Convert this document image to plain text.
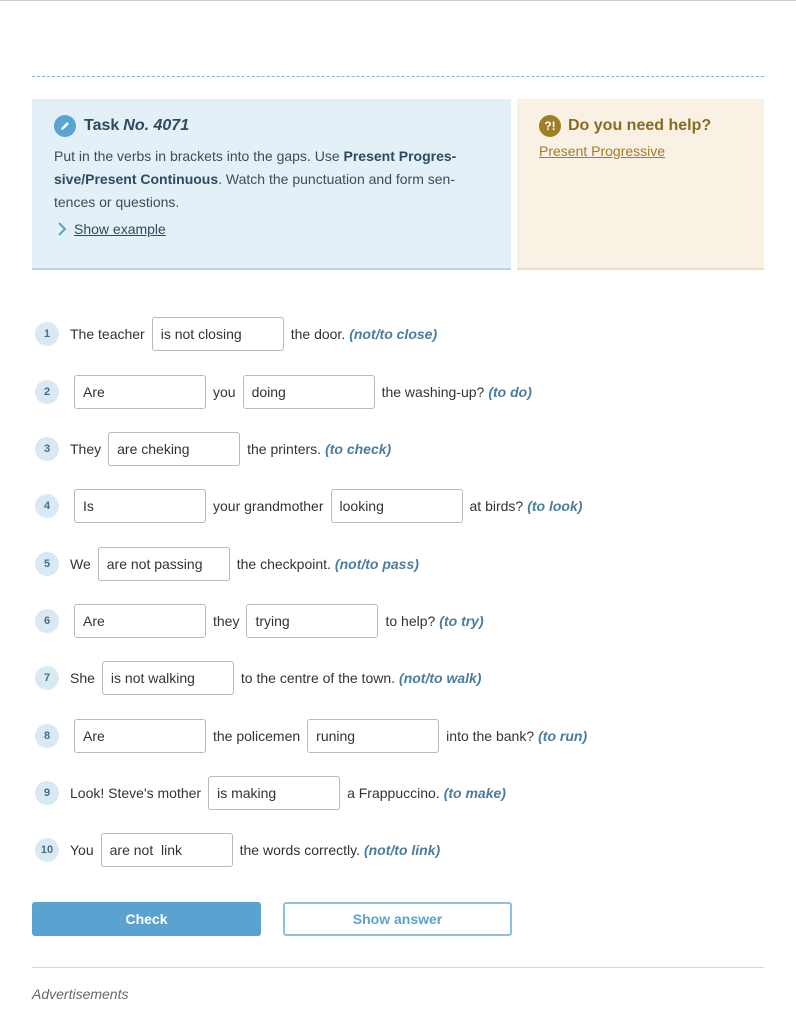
Task No. 4071
Put in the verbs in brackets into the gaps. Use Present Progres- sive/Present Continuous. Watch the punctuation and form sen- tences or questions.
Show example
?! Do you need help?
Present Progressive
1	The teacher
is not closing	the door. (not/to close)
2
Are	you
doing	the washing-up? (to do)
3	They
are cheking	the printers. (to check)
4
Is	your grandmother
looking	at birds? (to look)
5	We
are not passing	the checkpoint. (not/to pass)
6
Are	they
trying	to help? (to try)
7	She
is not walking	to the centre of the town. (not/to walk)
8
Are	the policemen
runing	into the bank? (to run)
9	Look! Steve's mother
is making	a Frappuccino. (to make)
10	You
are not link	the words correctly. (not/to link)
Check	Show answer
Advertisements
